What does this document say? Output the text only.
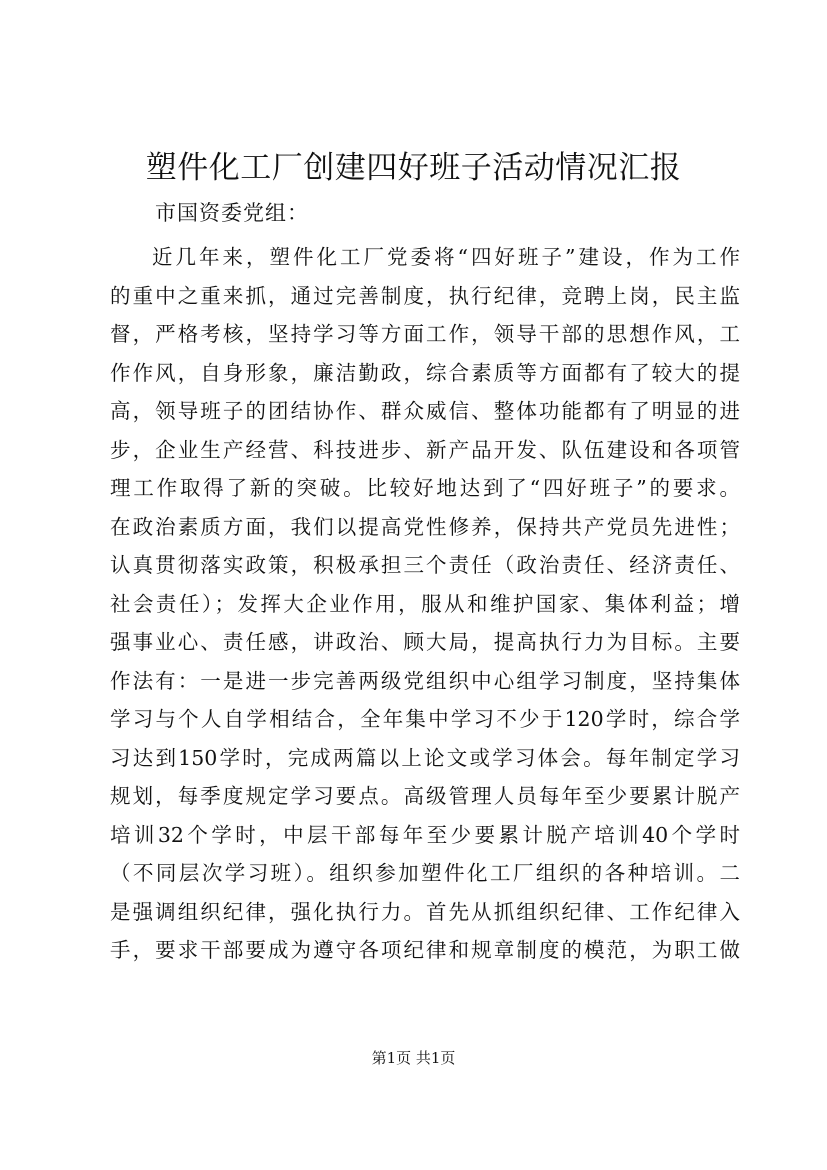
塑件化工厂创建四好班子活动情况汇报
市国资委党组：
近几年来，塑件化工厂党委将“四好班子”建设，作为工作
的重中之重来抓，通过完善制度，执行纪律，竞聘上岗，民主监
督，严格考核，坚持学习等方面工作，领导干部的思想作风，工
作作风，自身形象，廉洁勤政，综合素质等方面都有了较大的提
高，领导班子的团结协作、群众威信、整体功能都有了明显的进
步，企业生产经营、科技进步、新产品开发、队伍建设和各项管
理工作取得了新的突破。比较好地达到了“四好班子”的要求。
在政治素质方面，我们以提高党性修养，保持共产党员先进性；
认真贯彻落实政策，积极承担三个责任（政治责任、经济责任、
社会责任）；发挥大企业作用，服从和维护国家、集体利益；增
强事业心、责任感，讲政治、顾大局，提高执行力为目标。主要
作法有：一是进一步完善两级党组织中心组学习制度，坚持集体
学习与个人自学相结合，全年集中学习不少于120学时，综合学
习达到150学时，完成两篇以上论文或学习体会。每年制定学习
规划，每季度规定学习要点。高级管理人员每年至少要累计脱产
培训32个学时，中层干部每年至少要累计脱产培训40个学时
（不同层次学习班）。组织参加塑件化工厂组织的各种培训。二
是强调组织纪律，强化执行力。首先从抓组织纪律、工作纪律入
手，要求干部要成为遵守各项纪律和规章制度的模范，为职工做
第1页 共1页
